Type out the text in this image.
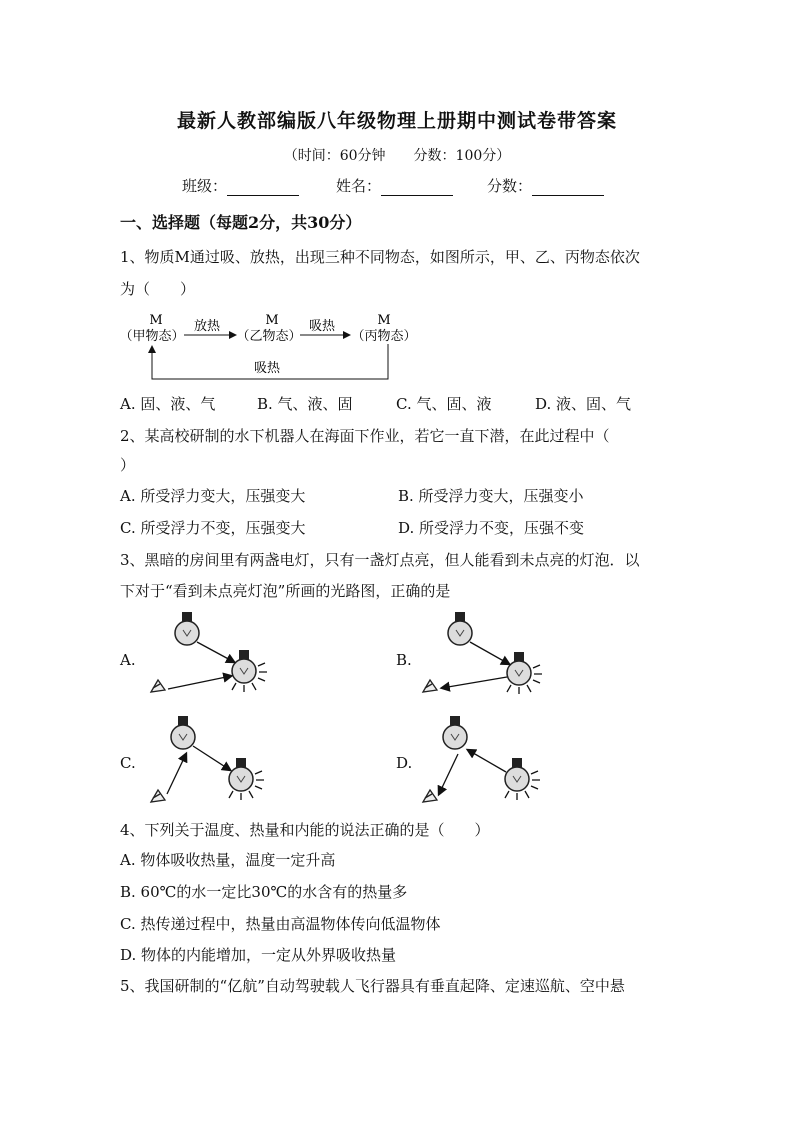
最新人教部编版八年级物理上册期中测试卷带答案
（时间：60分钟　　分数：100分）
班级：	姓名：	分数：
一、选择题（每题2分，共30分）
1、物质M通过吸、放热，出现三种不同物态，如图所示，甲、乙、丙物态依次
为（　　）
M
（甲物态）
M
（乙物态）
M
（丙物态）
放热	吸热
吸热
A. 固、液、气	B. 气、液、固	C. 气、固、液	D. 液、固、气
2、某高校研制的水下机器人在海面下作业，若它一直下潜，在此过程中（
）
A. 所受浮力变大，压强变大	B. 所受浮力变大，压强变小
C. 所受浮力不变，压强变大	D. 所受浮力不变，压强不变
3、黑暗的房间里有两盏电灯，只有一盏灯点亮，但人能看到未点亮的灯泡．以
下对于“看到未点亮灯泡”所画的光路图，正确的是
A.	B.
C.	D.
4、下列关于温度、热量和内能的说法正确的是（　　）
A. 物体吸收热量，温度一定升高
B. 60℃的水一定比30℃的水含有的热量多
C. 热传递过程中，热量由高温物体传向低温物体
D. 物体的内能增加，一定从外界吸收热量
5、我国研制的“亿航”自动驾驶载人飞行器具有垂直起降、定速巡航、空中悬
